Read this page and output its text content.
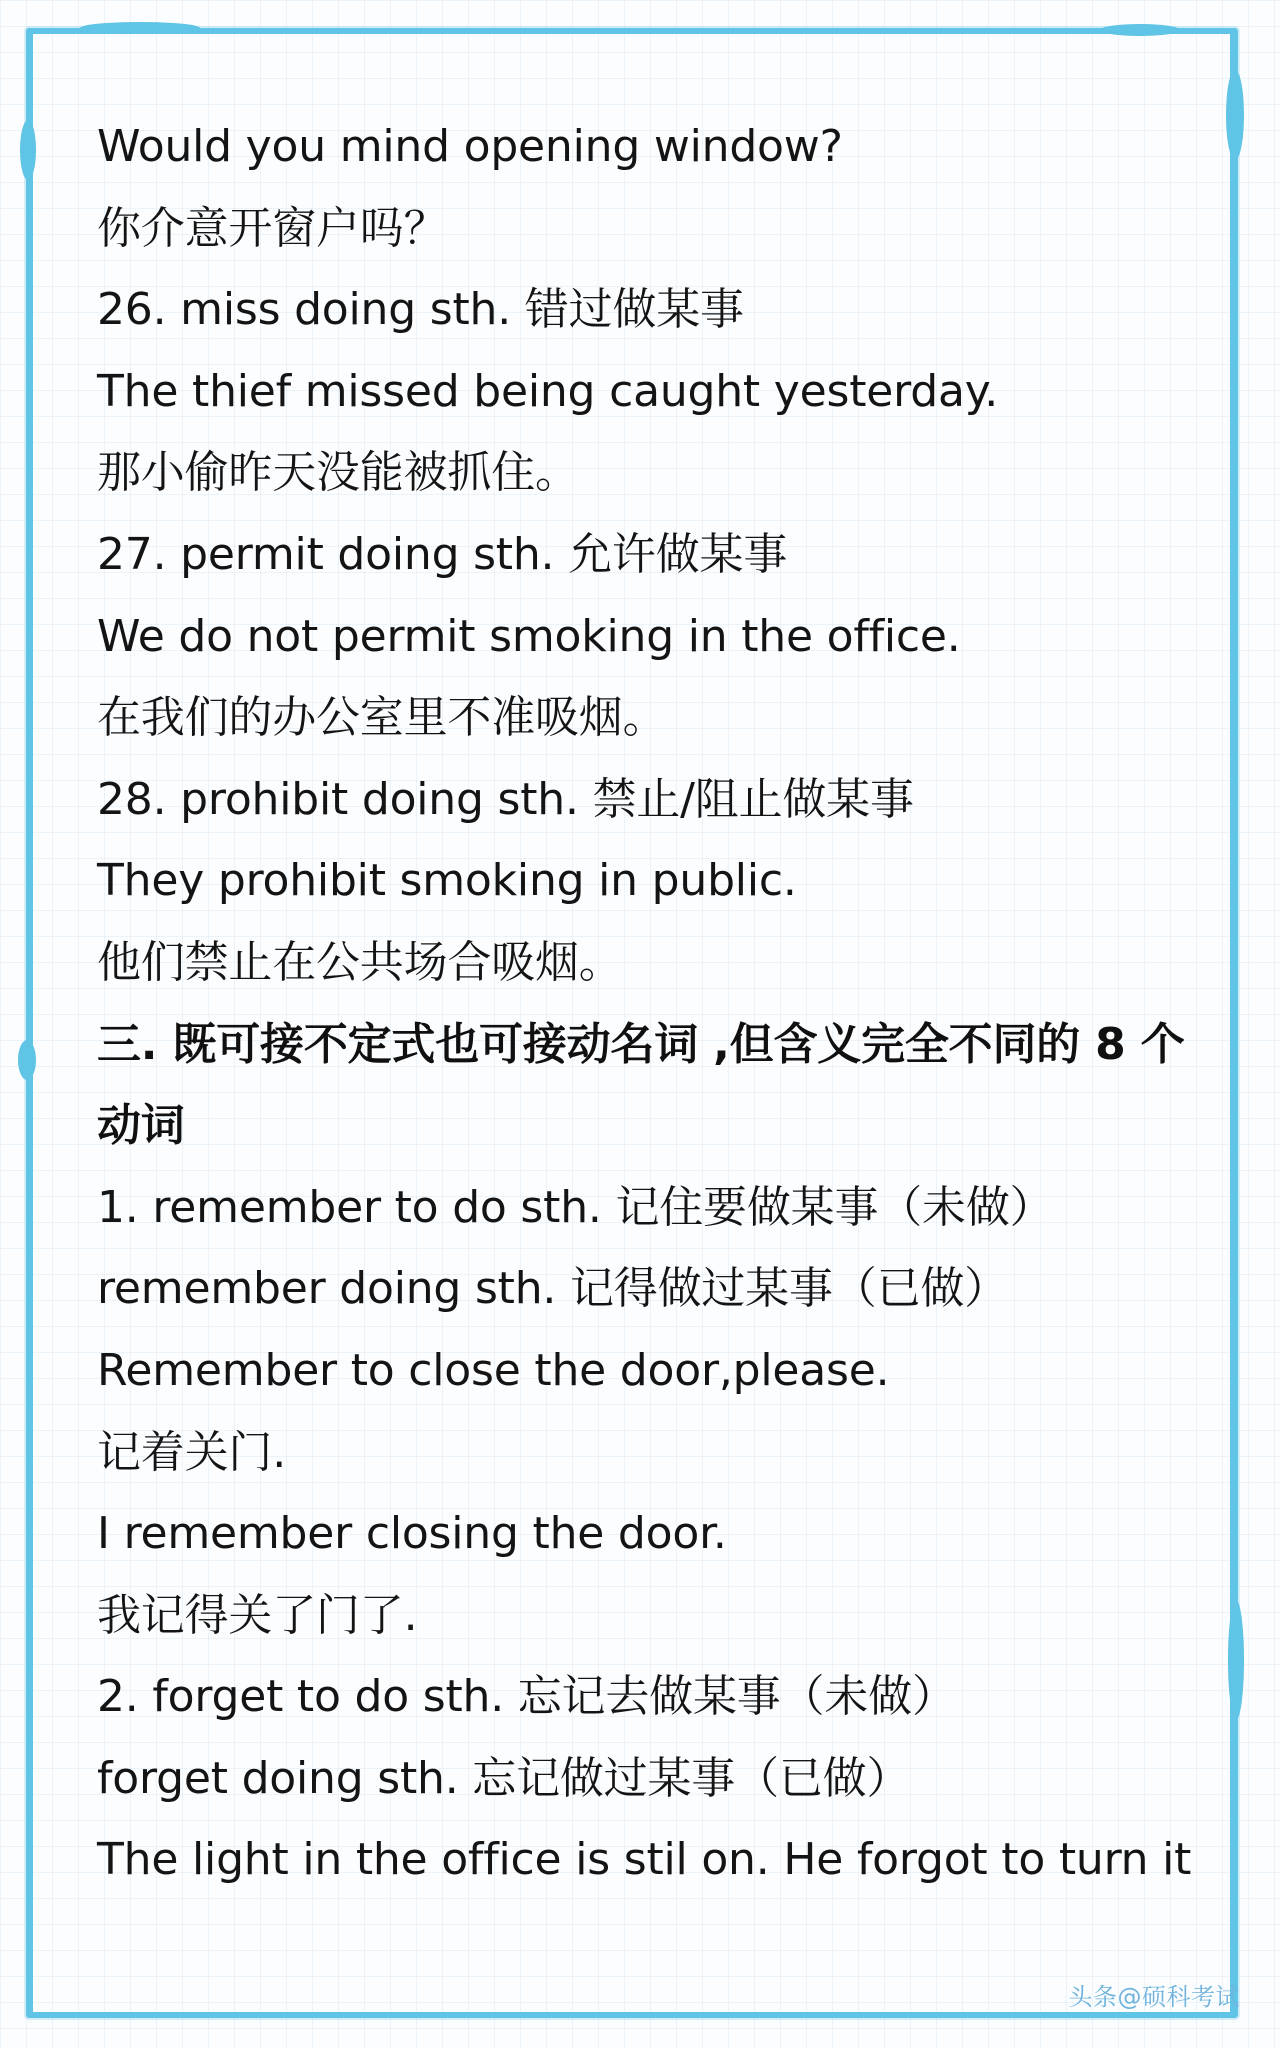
Would you mind opening window?
你介意开窗户吗？
26. miss doing sth. 错过做某事
The thief missed being caught yesterday.
那小偷昨天没能被抓住。
27. permit doing sth. 允许做某事
We do not permit smoking in the office.
在我们的办公室里不准吸烟。
28. prohibit doing sth. 禁止/阻止做某事
They prohibit smoking in public.
他们禁止在公共场合吸烟。
三. 既可接不定式也可接动名词 ,但含义完全不同的 8 个
动词
1. remember to do sth. 记住要做某事（未做）
remember doing sth. 记得做过某事（已做）
Remember to close the door,please.
记着关门.
I remember closing the door.
我记得关了门了.
2. forget to do sth. 忘记去做某事（未做）
forget doing sth. 忘记做过某事（已做）
The light in the office is stil on. He forgot to turn it
头条@硕科考试
